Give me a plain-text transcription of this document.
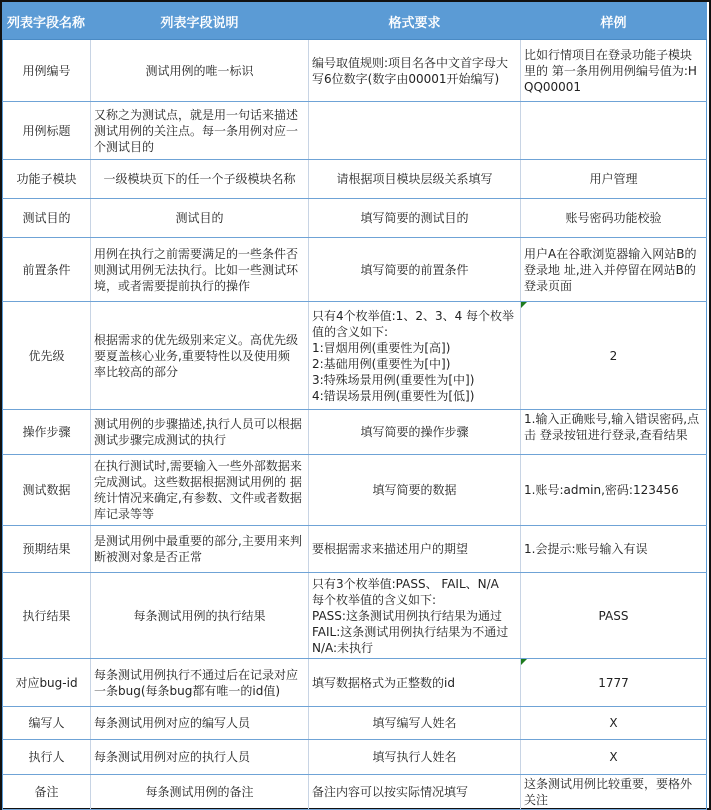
列表字段名称	列表字段说明	格式要求	样例
用例编号	测试用例的唯一标识	编号取值规则:项目名各中文首字母大写6位数字(数字由00001开始编写)	比如行情项目在登录功能子模块里的 第一条用例用例编号值为:HQQ00001
用例标题	又称之为测试点，就是用一句话来描述 测试用例的关注点。每一条用例对应一 个测试目的		
功能子模块	一级模块页下的任一个子级模块名称	请根据项目模块层级关系填写	用户管理
测试目的	测试目的	填写简要的测试目的	账号密码功能校验
前置条件	用例在执行之前需要满足的一些条件否 则测试用例无法执行。比如一些测试环 境，或者需要提前执行的操作	填写简要的前置条件	用户A在谷歌浏览器输入网站B的登录地 址,进入并停留在网站B的登录页面
优先级	根据需求的优先级别来定义。高优先级 要夏盖核心业务,重要特性以及使用频 率比较高的部分	只有4个枚举值:1、2、3、4 每个枚举值的含义如下:
1:冒烟用例(重要性为[高])
2:基础用例(重要性为[中])
3:特殊场景用例(重要性为[中])
4:错误场景用例(重要性为[低])	2
操作步骤	测试用例的步骤描述,执行人员可以根据测试步骤完成测试的执行	填写简要的操作步骤	1.输入正确账号,输入错误密码,点击 登录按钮进行登录,查看结果

测试数据	在执行测试时,需要输入一些外部数据来完成测试。这些数据根据测试用例的 据统计情况来确定,有参数、文件或者数据库记录等等	填写简要的数据	1.账号:admin,密码:123456
预期结果	是测试用例中最重要的部分,主要用来判断被测对象是否正常	要根据需求来描述用户的期望	1.会提示:账号输入有误
执行结果	每条测试用例的执行结果	只有3个枚举值:PASS、 FAIL、N/A
每个枚举值的含义如下:
PASS:这条测试用例执行结果为通过
FAIL:这条测试用例执行结果为不通过
N/A:未执行	PASS
对应bug-id	每条测试用例执行不通过后在记录对应 一条bug(每条bug都有唯一的id值)	填写数据格式为正整数的id	1777
编写人	每条测试用例对应的编写人员	填写编写人姓名	X
执行人	每条测试用例对应的执行人员	填写执行人姓名	X
备注	每条测试用例的备注	备注内容可以按实际情况填写	这条测试用例比较重要，要格外关注
